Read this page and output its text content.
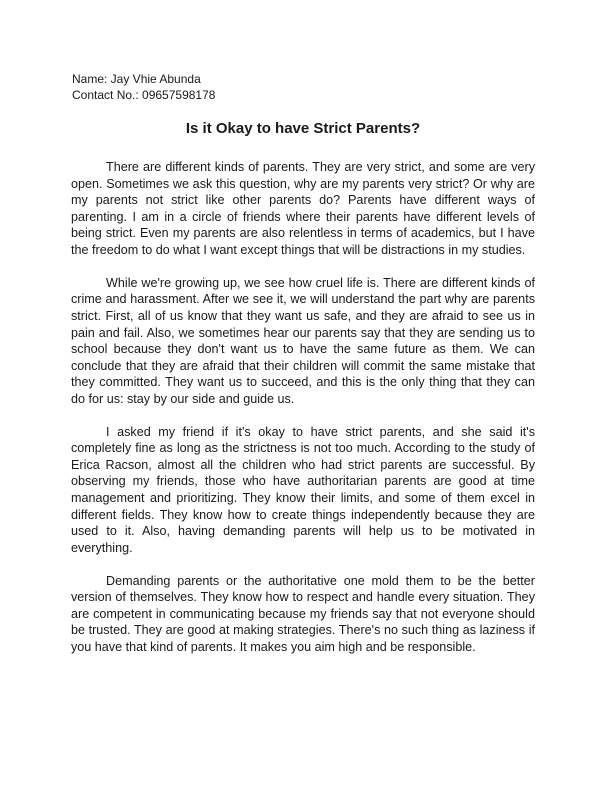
Name: Jay Vhie Abunda
Contact No.: 09657598178
Is it Okay to have Strict Parents?

There are different kinds of parents. They are very strict, and some are very open. Sometimes we ask this question, why are my parents very strict? Or why are my parents not strict like other parents do? Parents have different ways of parenting. I am in a circle of friends where their parents have different levels of being strict. Even my parents are also relentless in terms of academics, but I have the freedom to do what I want except things that will be distractions in my studies.

While we're growing up, we see how cruel life is. There are different kinds of crime and harassment. After we see it, we will understand the part why are parents strict. First, all of us know that they want us safe, and they are afraid to see us in pain and fail. Also, we sometimes hear our parents say that they are sending us to school because they don't want us to have the same future as them. We can conclude that they are afraid that their children will commit the same mistake that they committed. They want us to succeed, and this is the only thing that they can do for us: stay by our side and guide us.

I asked my friend if it's okay to have strict parents, and she said it's completely fine as long as the strictness is not too much. According to the study of Erica Racson, almost all the children who had strict parents are successful. By observing my friends, those who have authoritarian parents are good at time management and prioritizing. They know their limits, and some of them excel in different fields. They know how to create things independently because they are used to it. Also, having demanding parents will help us to be motivated in everything.

Demanding parents or the authoritative one mold them to be the better version of themselves. They know how to respect and handle every situation. They are competent in communicating because my friends say that not everyone should be trusted. They are good at making strategies. There's no such thing as laziness if you have that kind of parents. It makes you aim high and be responsible.
